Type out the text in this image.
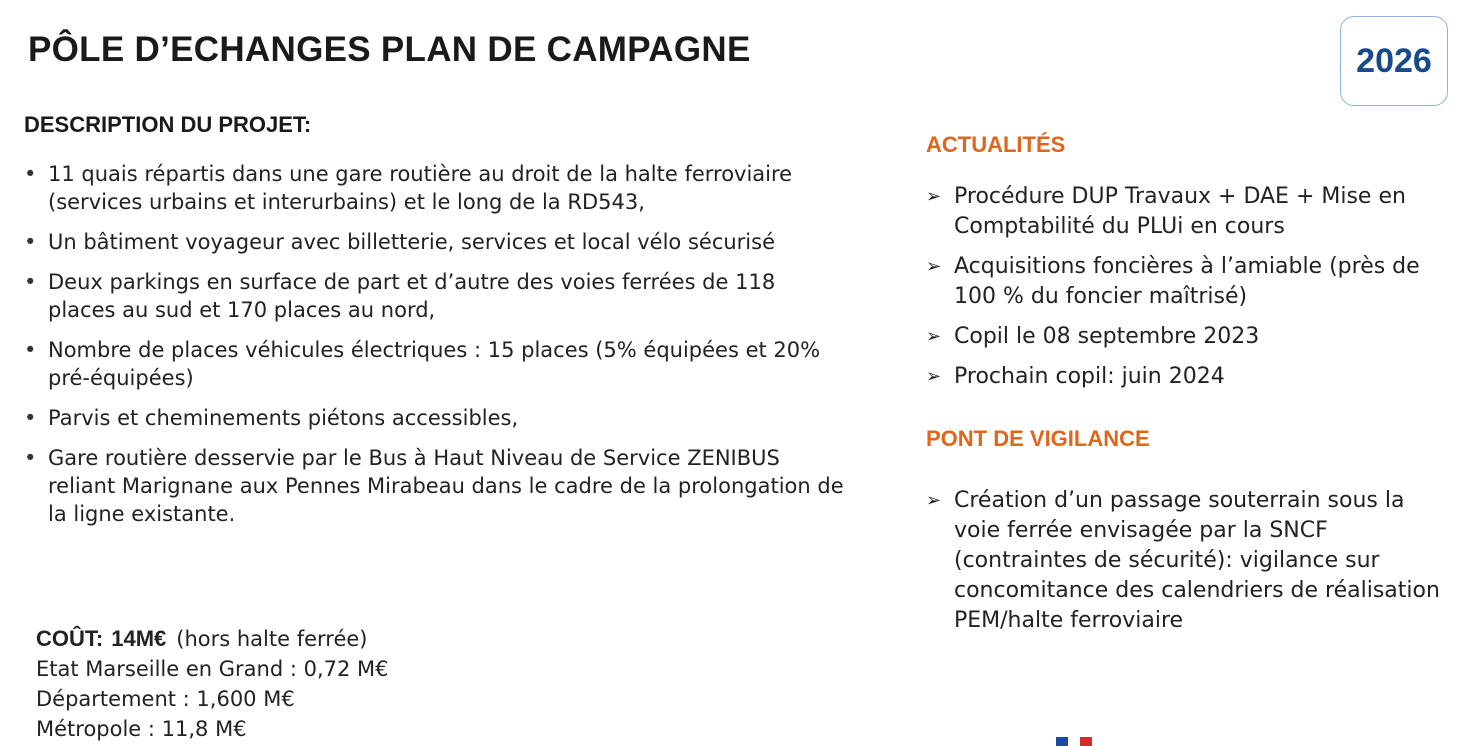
PÔLE D’ECHANGES PLAN DE CAMPAGNE	2026
DESCRIPTION DU PROJET:
• 11 quais répartis dans une gare routière au droit de la halte ferroviaire (services urbains et interurbains) et le long de la RD543,
• Un bâtiment voyageur avec billetterie, services et local vélo sécurisé
• Deux parkings en surface de part et d’autre des voies ferrées de 118 places au sud et 170 places au nord,
• Nombre de places véhicules électriques : 15 places (5% équipées et 20% pré-équipées)
• Parvis et cheminements piétons accessibles,
• Gare routière desservie par le Bus à Haut Niveau de Service ZENIBUS reliant Marignane aux Pennes Mirabeau dans le cadre de la prolongation de la ligne existante.
COÛT: 14M€ (hors halte ferrée)
Etat Marseille en Grand : 0,72 M€
Département : 1,600 M€
Métropole : 11,8 M€
ACTUALITÉS
➢ Procédure DUP Travaux + DAE + Mise en Comptabilité du PLUi en cours
➢ Acquisitions foncières à l’amiable (près de 100 % du foncier maîtrisé)
➢ Copil le 08 septembre 2023
➢ Prochain copil: juin 2024
PONT DE VIGILANCE
➢ Création d’un passage souterrain sous la voie ferrée envisagée par la SNCF (contraintes de sécurité): vigilance sur concomitance des calendriers de réalisation PEM/halte ferroviaire
